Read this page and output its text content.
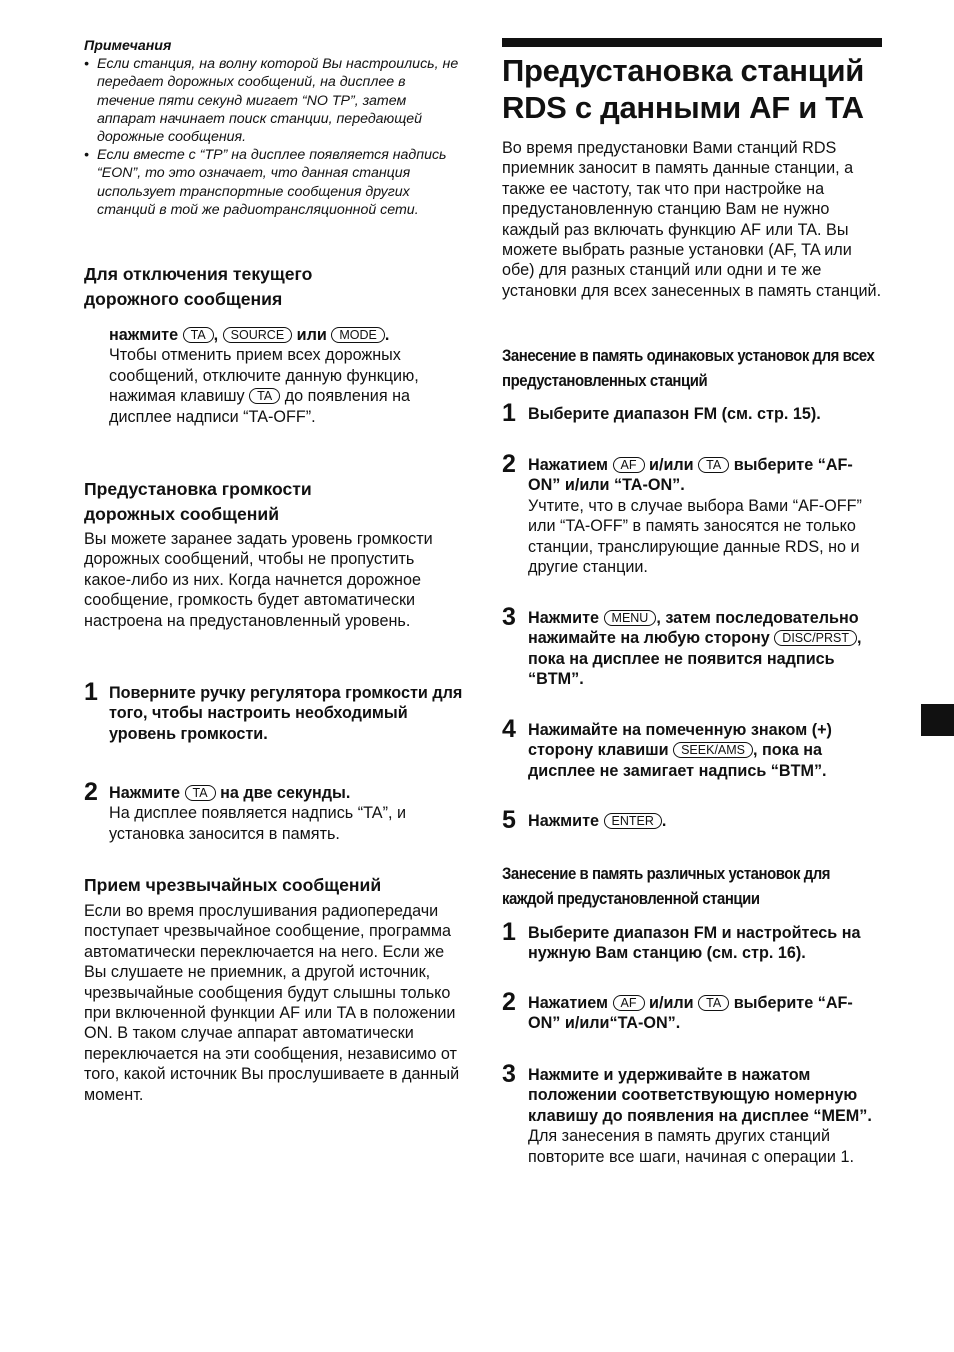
Примечания
• Если станция, на волну которой Вы настроились, не передает дорожных сообщений, на дисплее в течение пяти секунд мигает “NO TP”, затем аппарат начинает поиск станции, передающей дорожные сообщения.
• Если вместе с “TP” на дисплее появляется надпись “EON”, то это означает, что данная станция использует транспортные сообщения других станций в той же радиотрансляционной сети.
Для отключения текущего дорожного сообщения
нажмите TA , SOURCE или MODE .
Чтобы отменить прием всех дорожных сообщений, отключите данную функцию, нажимая клавишу TA до появления на дисплее надписи “TA-OFF”.
Предустановка громкости дорожных сообщений
Вы можете заранее задать уровень громкости дорожных сообщений, чтобы не пропустить какое-либо из них. Когда начнется дорожное сообщение, громкость будет автоматически настроена на предустановленный уровень.
1 Поверните ручку регулятора громкости для того, чтобы настроить необходимый уровень громкости.
2 Нажмите TA на две секунды.
На дисплее появляется надпись “TA”, и установка заносится в память.
Прием чрезвычайных сообщений
Если во время прослушивания радиопередачи поступает чрезвычайное сообщение, программа автоматически переключается на него. Если же Вы слушаете не приемник, а другой источник, чрезвычайные сообщения будут слышны только при включенной функции AF или TA в положении ON. В таком случае аппарат автоматически переключается на эти сообщения, независимо от того, какой источник Вы прослушиваете в данный момент.
Предустановка станций RDS с данными AF и TA
Во время предустановки Вами станций RDS приемник заносит в память данные станции, а также ее частоту, так что при настройке на предустановленную станцию Вам не нужно каждый раз включать функцию AF или TA. Вы можете выбрать разные установки (AF, TA или обе) для разных станций или одни и те же установки для всех занесенных в память станций.
Занесение в память одинаковых установок для всех предустановленных станций
1 Выберите диапазон FM (см. стр. 15).
2 Нажатием AF и/или TA выберите “AF-ON” и/или “TA-ON”.
Учтите, что в случае выбора Вами “AF-OFF” или “TA-OFF” в память заносятся не только станции, транслирующие данные RDS, но и другие станции.
3 Нажмите MENU , затем последовательно нажимайте на любую сторону DISC/PRST , пока на дисплее не появится надпись “BTM”.
4 Нажимайте на помеченную знаком (+) сторону клавиши SEEK/AMS , пока на дисплее не замигает надпись “BTM”.
5 Нажмите ENTER .
Занесение в память различных установок для каждой предустановленной станции
1 Выберите диапазон FM и настройтесь на нужную Вам станцию (см. стр. 16).
2 Нажатием AF и/или TA выберите “AF-ON” и/или“TA-ON”.
3 Нажмите и удерживайте в нажатом положении соответствующую номерную клавишу до появления на дисплее “MEM”.
Для занесения в память других станций повторите все шаги, начиная с операции 1.
